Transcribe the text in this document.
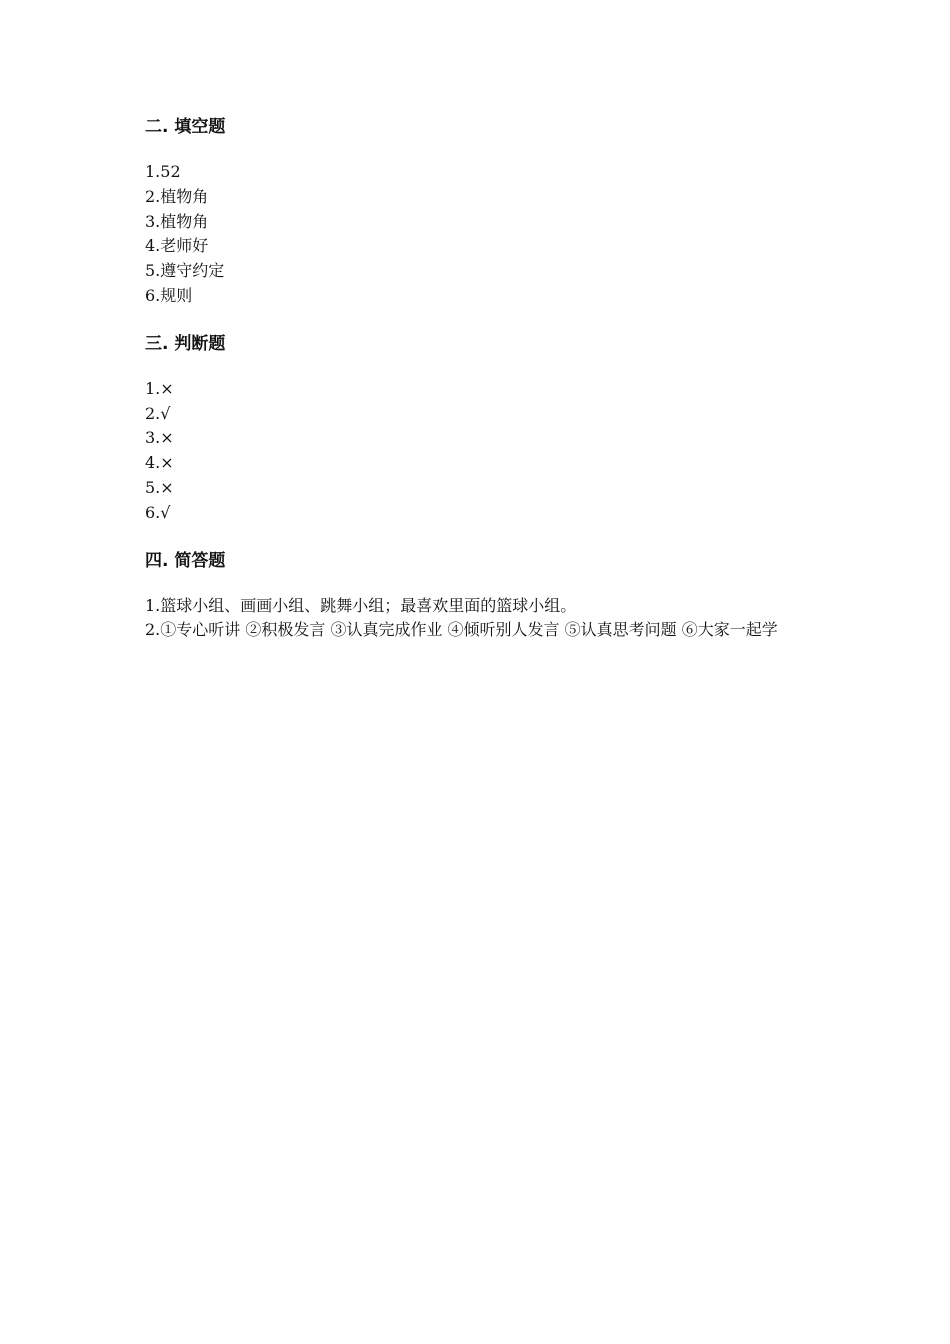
二. 填空题
1.52
2.植物角
3.植物角
4.老师好
5.遵守约定
6.规则
三. 判断题
1.×
2.√
3.×
4.×
5.×
6.√
四. 简答题
1.篮球小组、画画小组、跳舞小组；最喜欢里面的篮球小组。
2.①专心听讲 ②积极发言 ③认真完成作业 ④倾听别人发言 ⑤认真思考问题 ⑥大家一起学
